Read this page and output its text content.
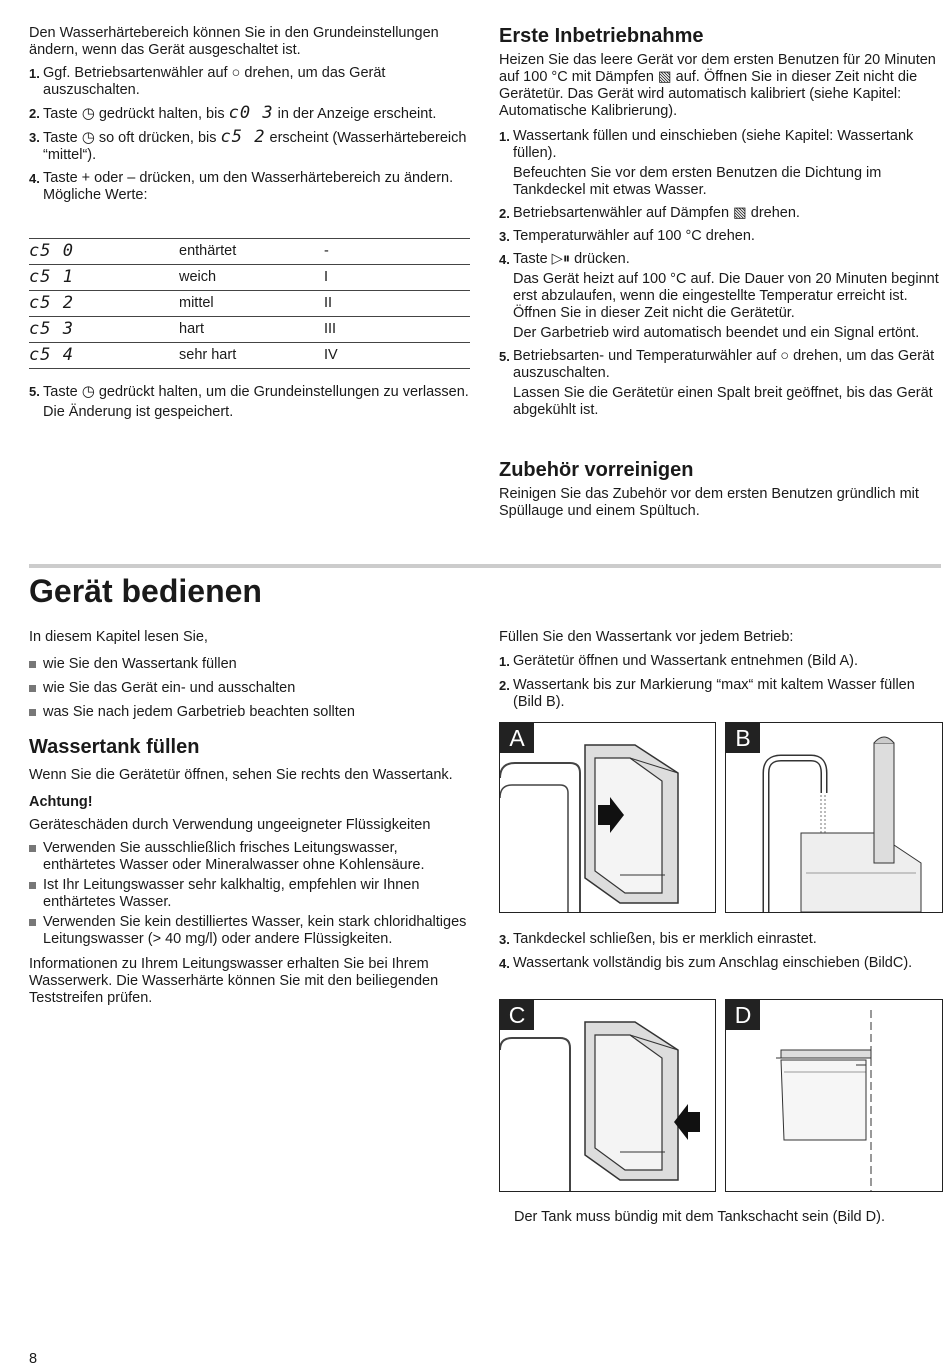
Den Wasserhärtebereich können Sie in den Grundeinstellungen ändern, wenn das Gerät ausgeschaltet ist.

1. Ggf. Betriebsartenwähler auf ○ drehen, um das Gerät auszuschalten.

2. Taste ◷ gedrückt halten, bis c0 3 in der Anzeige erscheint.

3. Taste ◷ so oft drücken, bis c5 2 erscheint (Wasserhärtebereich “mittel“).

4. Taste + oder – drücken, um den Wasserhärtebereich zu ändern.

Mögliche Werte:

c5 0	enthärtet	-
c5 1	weich	I
c5 2	mittel	II
c5 3	hart	III
c5 4	sehr hart	IV
5. Taste ◷ gedrückt halten, um die Grundeinstellungen zu verlassen.

Die Änderung ist gespeichert.

Erste Inbetriebnahme

Heizen Sie das leere Gerät vor dem ersten Benutzen für 20 Minuten auf 100 °C mit Dämpfen ▧ auf. Öffnen Sie in dieser Zeit nicht die Gerätetür. Das Gerät wird automatisch kalibriert (siehe Kapitel: Automatische Kalibrierung).

1. Wassertank füllen und einschieben (siehe Kapitel: Wassertank füllen).

Befeuchten Sie vor dem ersten Benutzen die Dichtung im Tankdeckel mit etwas Wasser.

2. Betriebsartenwähler auf Dämpfen ▧ drehen.

3. Temperaturwähler auf 100 °C drehen.

4. Taste ▷⏸ drücken.

Das Gerät heizt auf 100 °C auf. Die Dauer von 20 Minuten beginnt erst abzulaufen, wenn die eingestellte Temperatur erreicht ist. Öffnen Sie in dieser Zeit nicht die Gerätetür.

Der Garbetrieb wird automatisch beendet und ein Signal ertönt.

5. Betriebsarten- und Temperaturwähler auf ○ drehen, um das Gerät auszuschalten.

Lassen Sie die Gerätetür einen Spalt breit geöffnet, bis das Gerät abgekühlt ist.

Zubehör vorreinigen

Reinigen Sie das Zubehör vor dem ersten Benutzen gründlich mit Spüllauge und einem Spültuch.

Gerät bedienen

In diesem Kapitel lesen Sie,

wie Sie den Wassertank füllen
wie Sie das Gerät ein- und ausschalten
was Sie nach jedem Garbetrieb beachten sollten
Wassertank füllen

Wenn Sie die Gerätetür öffnen, sehen Sie rechts den Wassertank.

Achtung!

Geräteschäden durch Verwendung ungeeigneter Flüssigkeiten

Verwenden Sie ausschließlich frisches Leitungswasser, enthärtetes Wasser oder Mineralwasser ohne Kohlensäure.
Ist Ihr Leitungswasser sehr kalkhaltig, empfehlen wir Ihnen enthärtetes Wasser.
Verwenden Sie kein destilliertes Wasser, kein stark chloridhaltiges Leitungswasser (> 40 mg/l) oder andere Flüssigkeiten.

Informationen zu Ihrem Leitungswasser erhalten Sie bei Ihrem Wasserwerk. Die Wasserhärte können Sie mit den beiliegenden Teststreifen prüfen.

Füllen Sie den Wassertank vor jedem Betrieb:

1. Gerätetür öffnen und Wassertank entnehmen (Bild A).

2. Wassertank bis zur Markierung “max“ mit kaltem Wasser füllen (Bild B).

A	B
3. Tankdeckel schließen, bis er merklich einrastet.

4. Wassertank vollständig bis zum Anschlag einschieben (BildC).

C	D

Der Tank muss bündig mit dem Tankschacht sein (Bild D).

8
